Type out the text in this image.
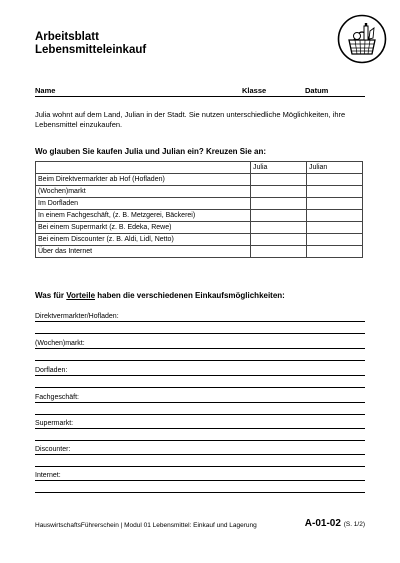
Arbeitsblatt
Lebensmitteleinkauf
Name	Klasse	Datum
Julia wohnt auf dem Land, Julian in der Stadt. Sie nutzen unterschiedliche Möglichkeiten, ihre Lebensmittel einzukaufen.
Wo glauben Sie kaufen Julia und Julian ein? Kreuzen Sie an:
	Julia	Julian
Beim Direktvermarkter ab Hof (Hofladen)		
(Wochen)markt		
Im Dorfladen		
In einem Fachgeschäft, (z. B. Metzgerei, Bäckerei)		
Bei einem Supermarkt (z. B. Edeka, Rewe)		
Bei einem Discounter (z. B. Aldi, Lidl, Netto)		
Über das Internet		
Was für Vorteile haben die verschiedenen Einkaufsmöglichkeiten:
Direktvermarkter/Hofladen:
(Wochen)markt:
Dorfladen:
Fachgeschäft:
Supermarkt:
Discounter:
Internet:
HauswirtschaftsFührerschein | Modul 01 Lebensmittel: Einkauf und Lagerung	A-01-02 (S. 1/2)
